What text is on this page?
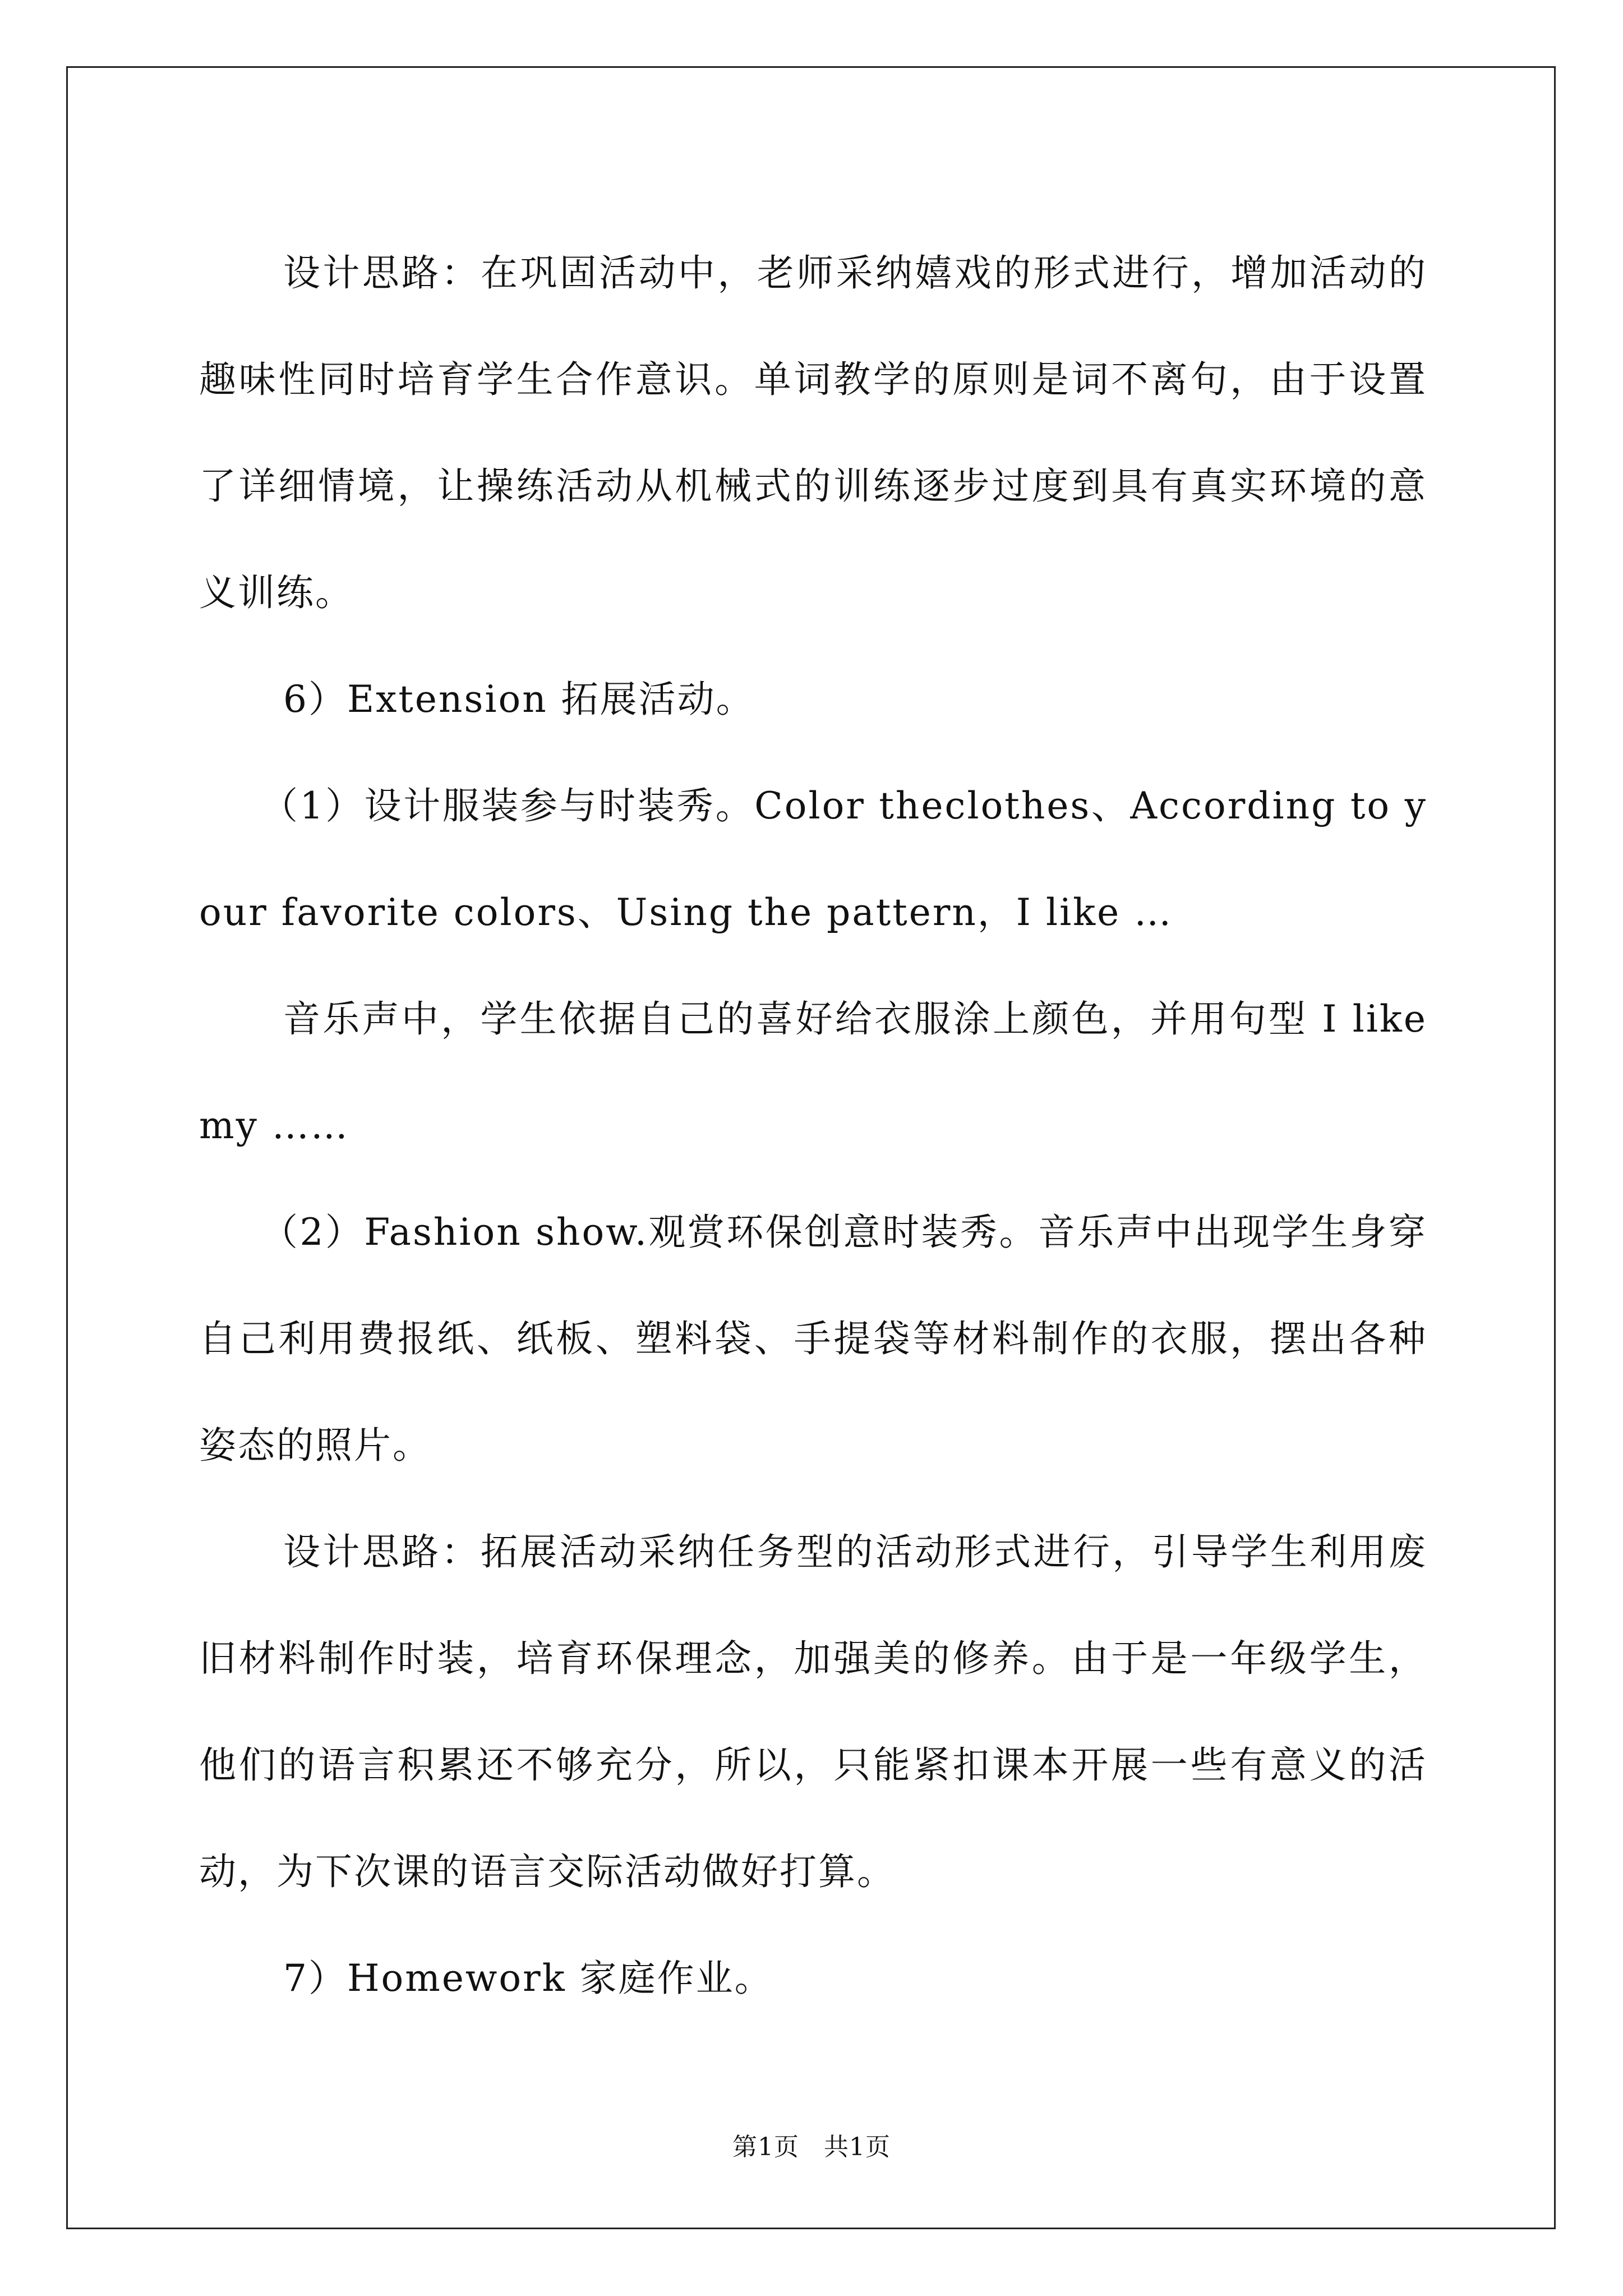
设计思路：在巩固活动中，老师采纳嬉戏的形式进行，增加活动的趣味性同时培育学生合作意识。单词教学的原则是词不离句，由于设置了详细情境，让操练活动从机械式的训练逐步过度到具有真实环境的意义训练。

6）Extension 拓展活动。

（1）设计服装参与时装秀。Color theclothes、According to your favorite colors、Using the pattern，I like …

音乐声中，学生依据自己的喜好给衣服涂上颜色，并用句型 I like my ……

（2）Fashion show.观赏环保创意时装秀。音乐声中出现学生身穿自己利用费报纸、纸板、塑料袋、手提袋等材料制作的衣服，摆出各种姿态的照片。

设计思路：拓展活动采纳任务型的活动形式进行，引导学生利用废旧材料制作时装，培育环保理念，加强美的修养。由于是一年级学生，他们的语言积累还不够充分，所以，只能紧扣课本开展一些有意义的活动，为下次课的语言交际活动做好打算。

7）Homework 家庭作业。

第1页 共1页
